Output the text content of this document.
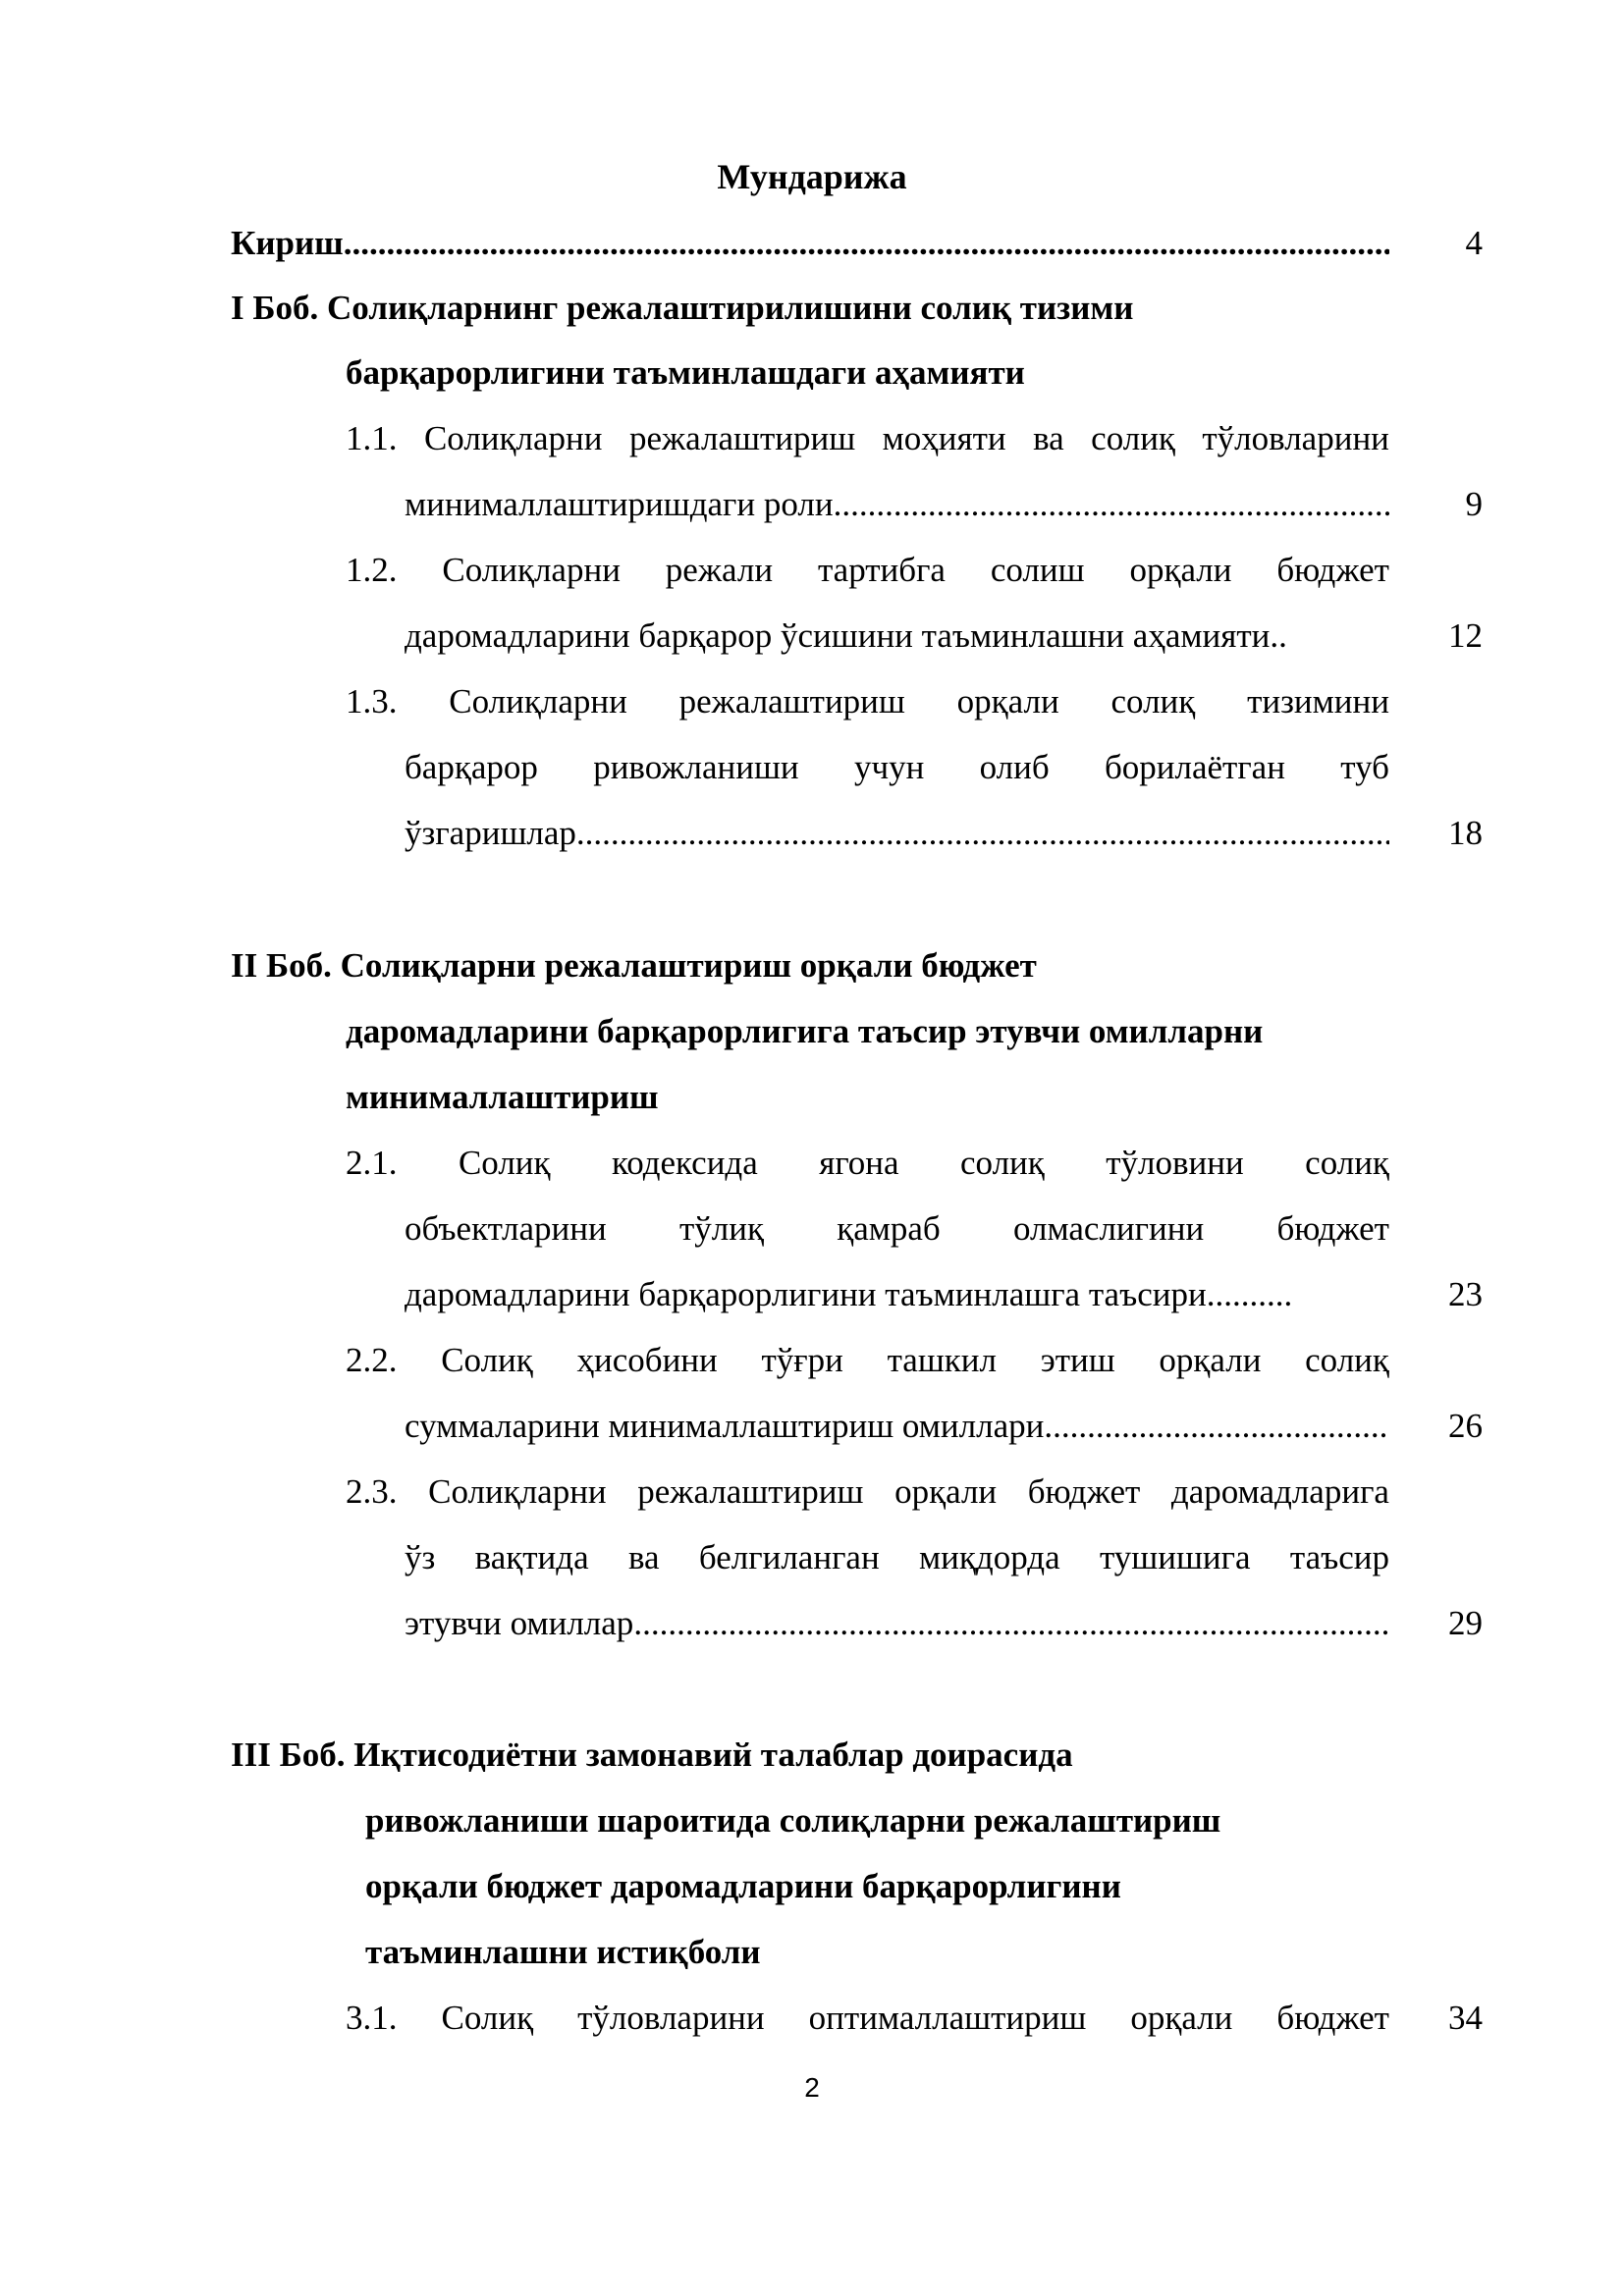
Мундарижа
Кириш .....	4
I Боб. Солиқларнинг режалаштирилишини солиқ тизими
барқарорлигини таъминлашдаги аҳамияти
1.1. Солиқларни режалаштириш моҳияти ва солиқ тўловларини
минималлаштиришдаги роли .....	9
1.2. Солиқларни режали тартибга солиш орқали бюджет
даромадларини барқарор ўсишини таъминлашни аҳамияти..	12
1.3. Солиқларни режалаштириш орқали солиқ тизимини
барқарор ривожланиши учун олиб борилаётган туб
ўзгаришлар .....	18
II Боб. Солиқларни режалаштириш орқали бюджет
даромадларини барқарорлигига таъсир этувчи омилларни
минималлаштириш
2.1. Солиқ кодексида ягона солиқ тўловини солиқ
объектларини тўлиқ қамраб олмаслигини бюджет
даромадларини барқарорлигини таъминлашга таъсири..........	23
2.2. Солиқ ҳисобини тўғри ташкил этиш орқали солиқ
суммаларини минималлаштириш омиллари .....	26
2.3. Солиқларни режалаштириш орқали бюджет даромадларига
ўз вақтида ва белгиланган миқдорда тушишига таъсир
этувчи омиллар .....	29
III Боб. Иқтисодиётни замонавий талаблар доирасида
ривожланиши шароитида солиқларни режалаштириш
орқали бюджет даромадларини барқарорлигини
таъминлашни истиқболи
3.1. Солиқ тўловларини оптималлаштириш орқали бюджет	34
2
